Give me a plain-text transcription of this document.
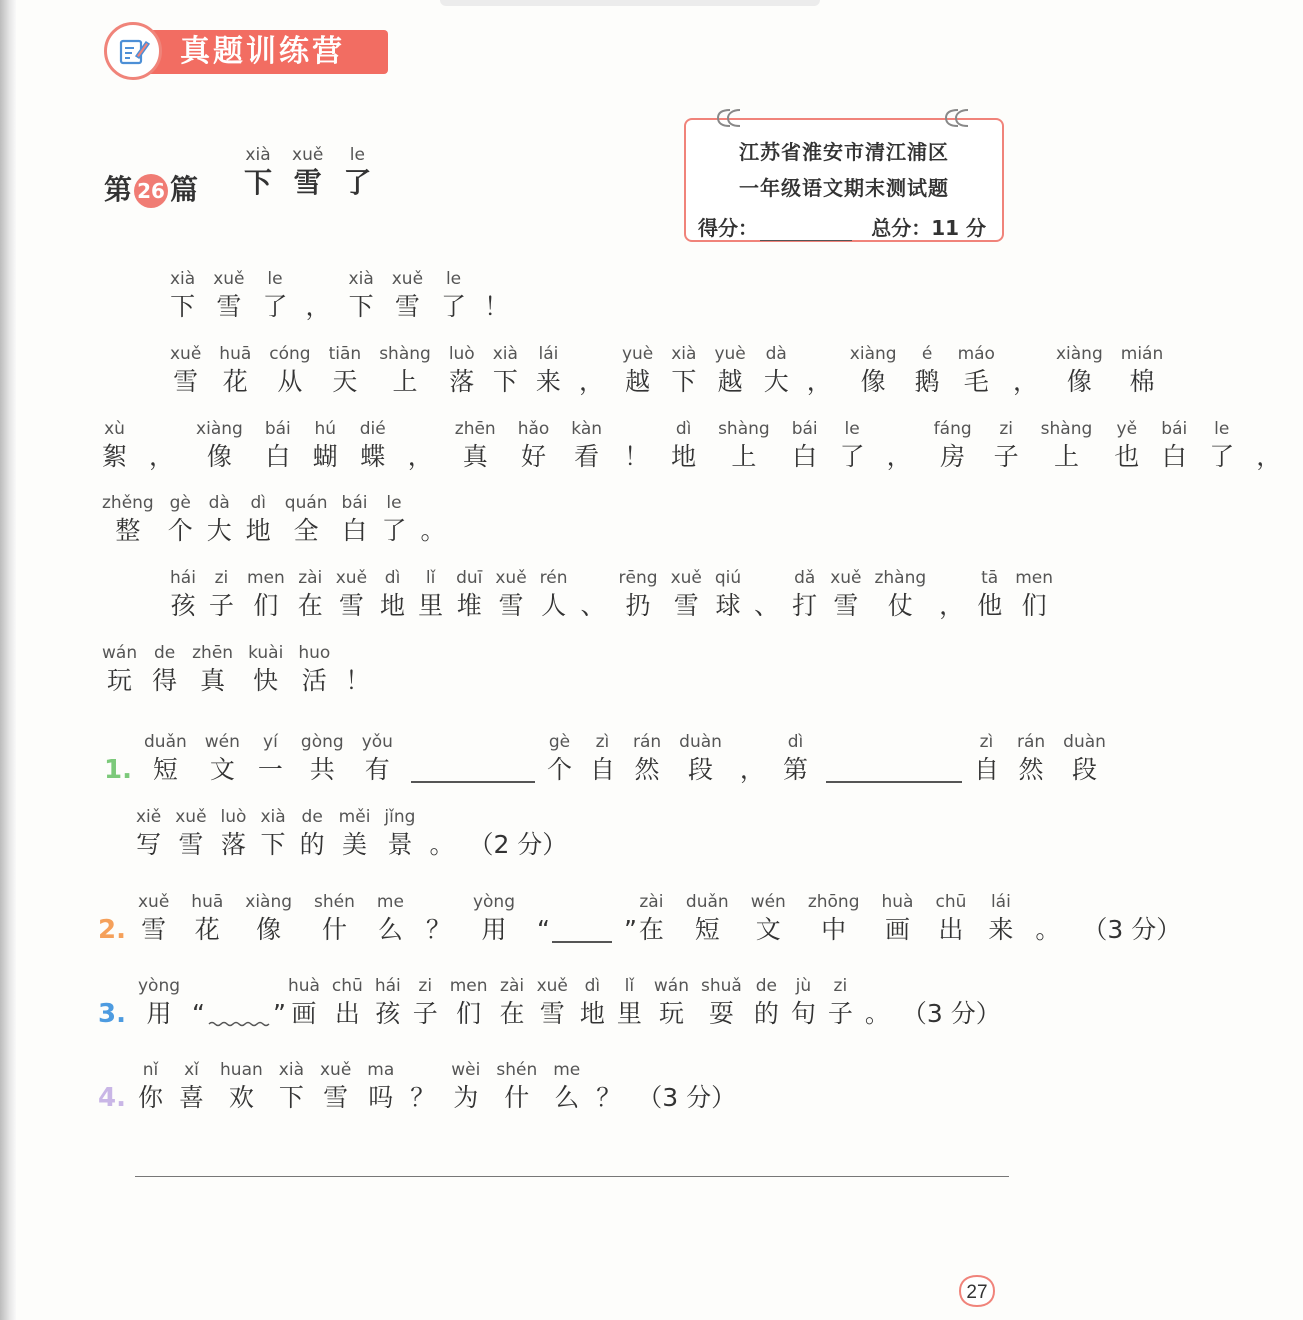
真题训练营
第 26 篇
xià
下
xuě
雪
le
了
江苏省淮安市清江浦区
一年级语文期末测试题
得分：	总分：11 分
xià
下
xuě
雪
le
了 ，
xià
下
xuě
雪
le
了 ！
xuě
雪
huā
花
cóng
从
tiān
天
shàng
上
luò
落
xià
下
lái
来 ，
yuè
越
xià
下
yuè
越
dà
大 ，
xiàng
像
é
鹅
máo
毛 ，
xiàng
像
mián
棉
xù
絮 ，
xiàng
像
bái
白
hú
蝴
dié
蝶 ，
zhēn
真
hǎo
好
kàn
看 ！
dì
地
shàng
上
bái
白
le
了 ，
fáng
房
zi
子
shàng
上
yě
也
bái
白
le
了 ，
zhěng
整
gè
个
dà
大
dì
地
quán
全
bái
白
le
了 。
hái
孩
zi
子
men
们
zài
在
xuě
雪
dì
地
lǐ
里
duī
堆
xuě
雪
rén
人 、
rēng
扔
xuě
雪
qiú
球 、
dǎ
打
xuě
雪
zhàng
仗 ，
tā
他
men
们
wán
玩
de
得
zhēn
真
kuài
快
huo
活 ！
1.
duǎn
短
wén
文
yí
一
gòng
共
yǒu
有
gè
个
zì
自
rán
然
duàn
段 ，
dì
第
zì
自
rán
然
duàn
段
xiě
写
xuě
雪
luò
落
xià
下
de
的
měi
美
jǐng
景 。 （2 分）
2.
xuě
雪
huā
花
xiàng
像
shén
什
me
么 ？
yòng
用 “	”
zài
在
duǎn
短
wén
文
zhōng
中
huà
画
chū
出
lái
来 。 （3 分）
3.
yòng
用 “	”
huà
画
chū
出
hái
孩
zi
子
men
们
zài
在
xuě
雪
dì
地
lǐ
里
wán
玩
shuǎ
耍
de
的
jù
句
zi
子 。 （3 分）
4.
nǐ
你
xǐ
喜
huan
欢
xià
下
xuě
雪
ma
吗 ？
wèi
为
shén
什
me
么 ？ （3 分）
27
